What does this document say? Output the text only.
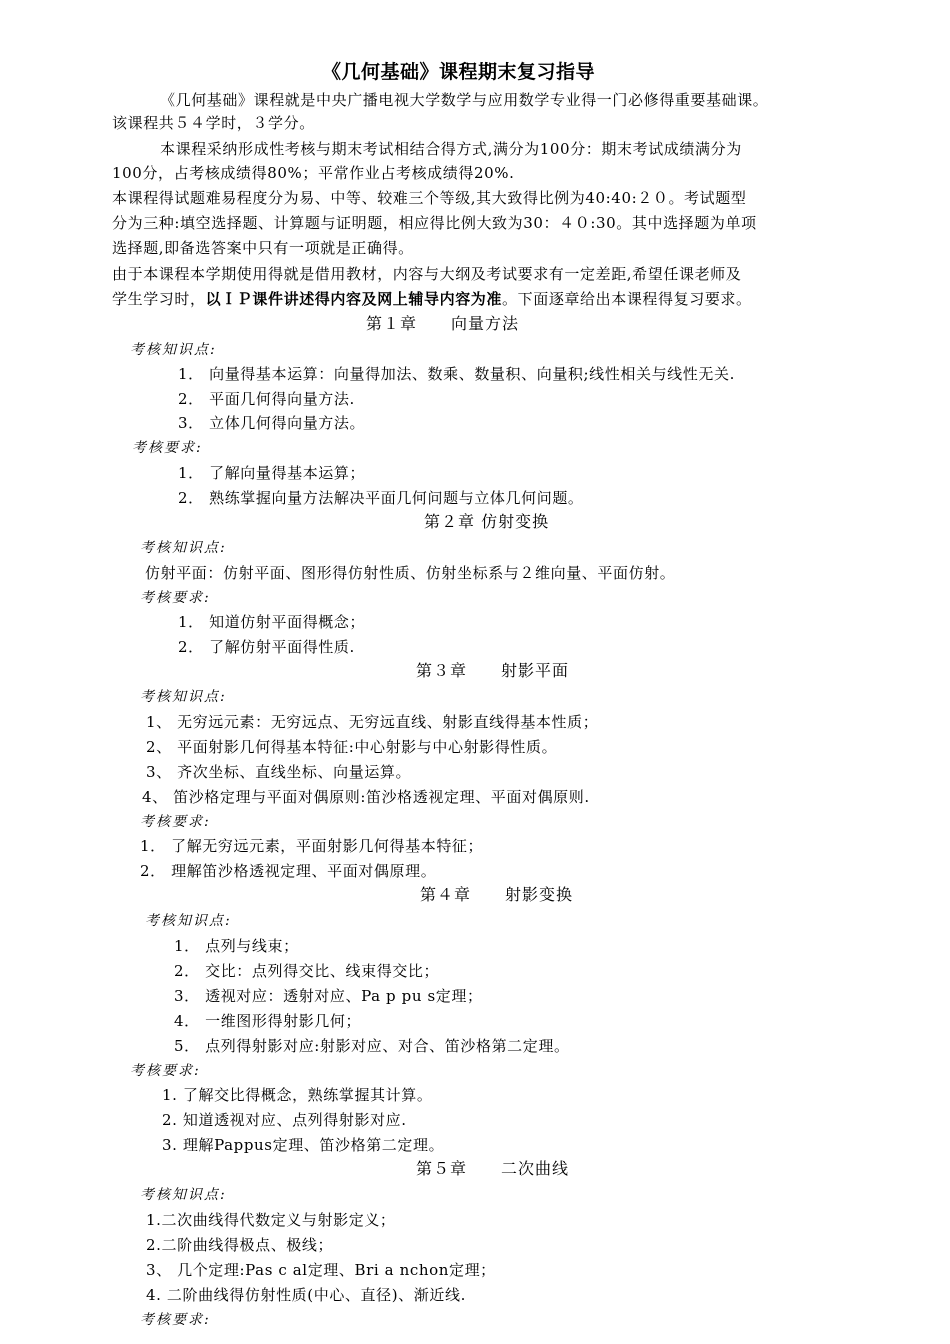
《几何基础》课程期末复习指导
《几何基础》课程就是中央广播电视大学数学与应用数学专业得一门必修得重要基础课。
该课程共５４学时，３学分。
本课程采纳形成性考核与期末考试相结合得方式,满分为100分：期末考试成绩满分为
100分，占考核成绩得80%；平常作业占考核成绩得20%.
本课程得试题难易程度分为易、中等、较难三个等级,其大致得比例为40:40:２０。考试题型
分为三种:填空选择题、计算题与证明题，相应得比例大致为30：４０:30。其中选择题为单项
选择题,即备选答案中只有一项就是正确得。
由于本课程本学期使用得就是借用教材，内容与大纲及考试要求有一定差距,希望任课老师及
学生学习时，以ＩＰ课件讲述得内容及网上辅导内容为准。下面逐章给出本课程得复习要求。
第１章　　向量方法
考核知识点:
1． 向量得基本运算：向量得加法、数乘、数量积、向量积;线性相关与线性无关.
2． 平面几何得向量方法.
3． 立体几何得向量方法。
考核要求:
1． 了解向量得基本运算；
2． 熟练掌握向量方法解决平面几何问题与立体几何问题。
第２章 仿射变换
考核知识点:
仿射平面：仿射平面、图形得仿射性质、仿射坐标系与２维向量、平面仿射。
考核要求:
1． 知道仿射平面得概念；
2． 了解仿射平面得性质.
第３章　　射影平面
考核知识点:
1、 无穷远元素：无穷远点、无穷远直线、射影直线得基本性质；
2、 平面射影几何得基本特征:中心射影与中心射影得性质。
3、 齐次坐标、直线坐标、向量运算。
4、 笛沙格定理与平面对偶原则:笛沙格透视定理、平面对偶原则.
考核要求:
1． 了解无穷远元素，平面射影几何得基本特征；
2． 理解笛沙格透视定理、平面对偶原理。
第４章　　射影变换
考核知识点:
1． 点列与线束；
2． 交比：点列得交比、线束得交比；
3． 透视对应：透射对应、Pa p pu s定理；
4． 一维图形得射影几何；
5． 点列得射影对应:射影对应、对合、笛沙格第二定理。
考核要求:
1. 了解交比得概念，熟练掌握其计算。
2. 知道透视对应、点列得射影对应.
3. 理解Pappus定理、笛沙格第二定理。
第５章　　二次曲线
考核知识点:
1.二次曲线得代数定义与射影定义；
2.二阶曲线得极点、极线；
3、 几个定理:Pas c al定理、Bri a nchon定理；
4. 二阶曲线得仿射性质(中心、直径)、渐近线.
考核要求:
